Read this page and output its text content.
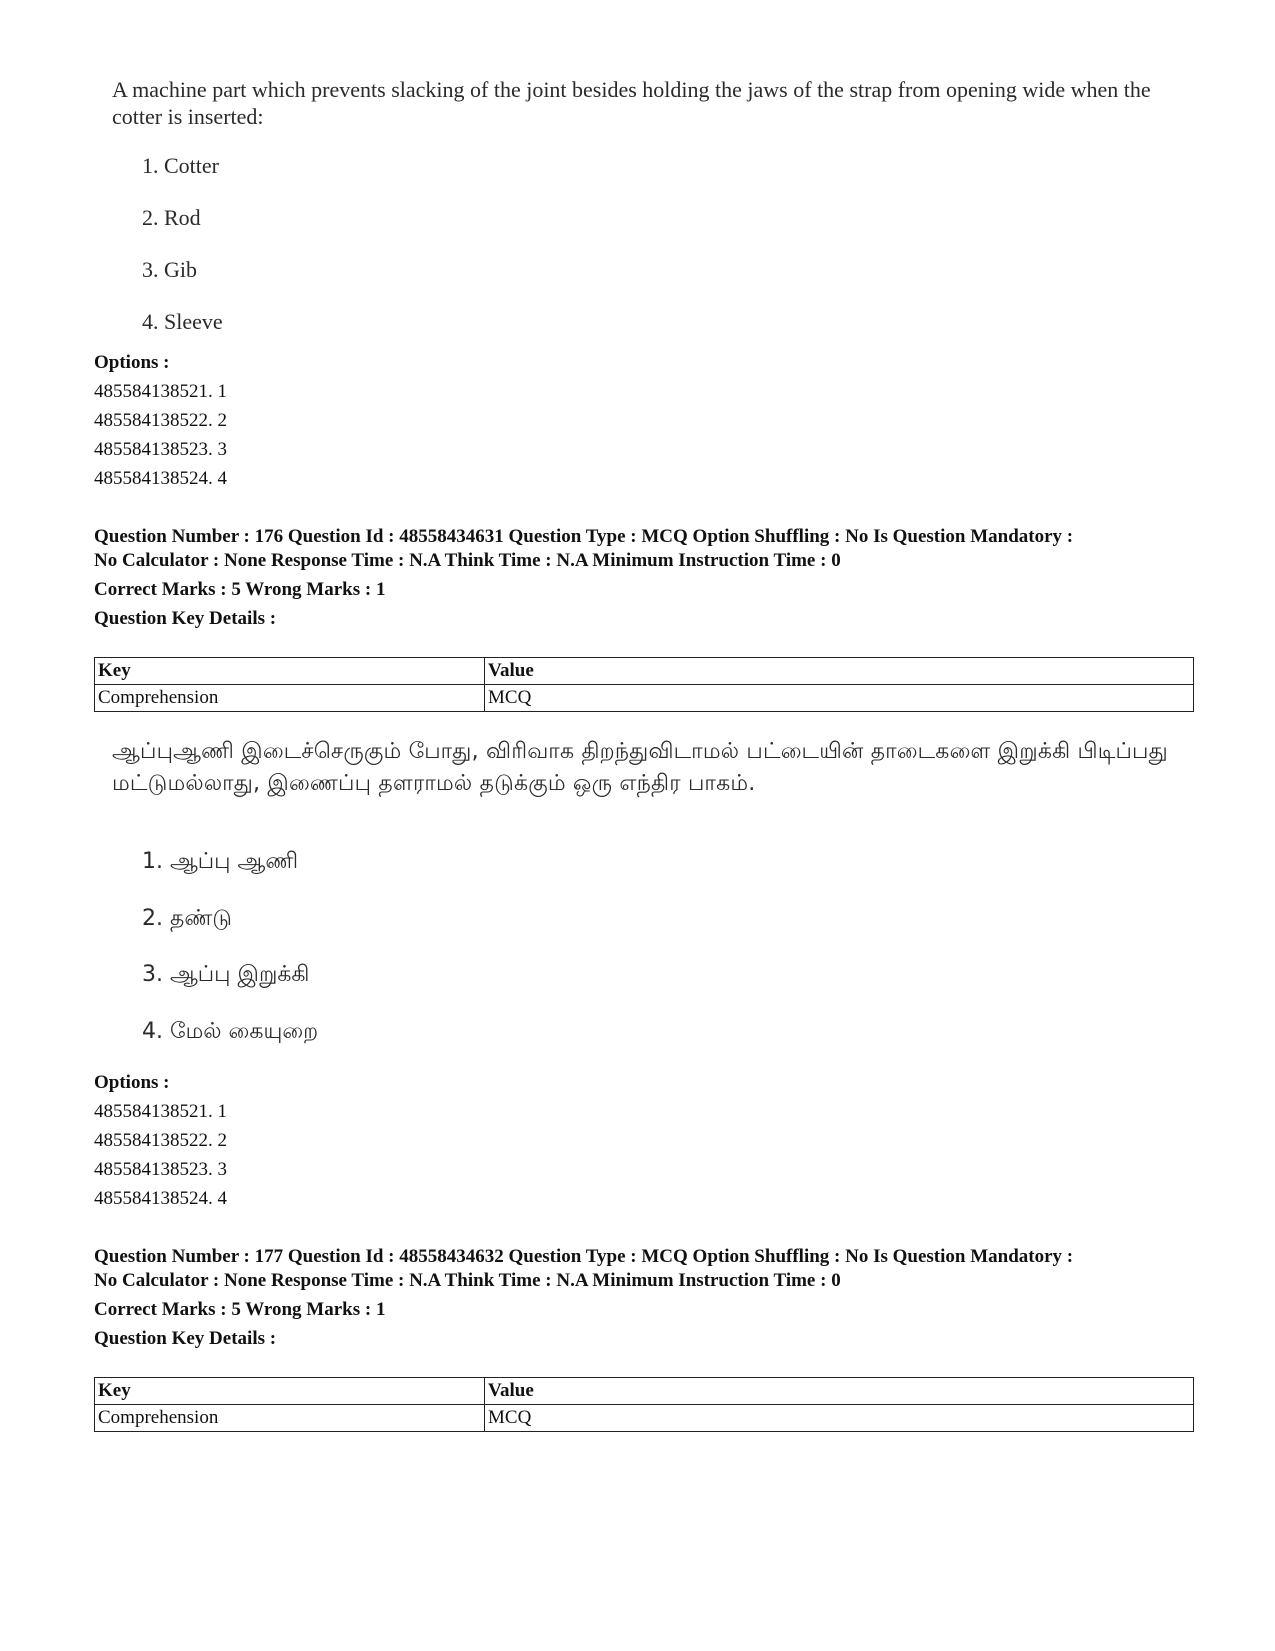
A machine part which prevents slacking of the joint besides holding the jaws of the strap from opening wide when the cotter is inserted:

1. Cotter
2. Rod
3. Gib
4. Sleeve
Options :
485584138521. 1
485584138522. 2
485584138523. 3
485584138524. 4
Question Number : 176 Question Id : 48558434631 Question Type : MCQ Option Shuffling : No Is Question Mandatory :
No Calculator : None Response Time : N.A Think Time : N.A Minimum Instruction Time : 0
Correct Marks : 5 Wrong Marks : 1
Question Key Details :
Key	Value
Comprehension	MCQ

ஆப்புஆணி இடைச்செருகும் போது, விரிவாக திறந்துவிடாமல் பட்டையின் தாடைகளை இறுக்கி பிடிப்பது மட்டுமல்லாது, இணைப்பு தளராமல் தடுக்கும் ஒரு எந்திர பாகம்.

1. ஆப்பு ஆணி
2. தண்டு
3. ஆப்பு இறுக்கி
4. மேல் கையுறை
Options :
485584138521. 1
485584138522. 2
485584138523. 3
485584138524. 4
Question Number : 177 Question Id : 48558434632 Question Type : MCQ Option Shuffling : No Is Question Mandatory :
No Calculator : None Response Time : N.A Think Time : N.A Minimum Instruction Time : 0
Correct Marks : 5 Wrong Marks : 1
Question Key Details :
Key	Value
Comprehension	MCQ
